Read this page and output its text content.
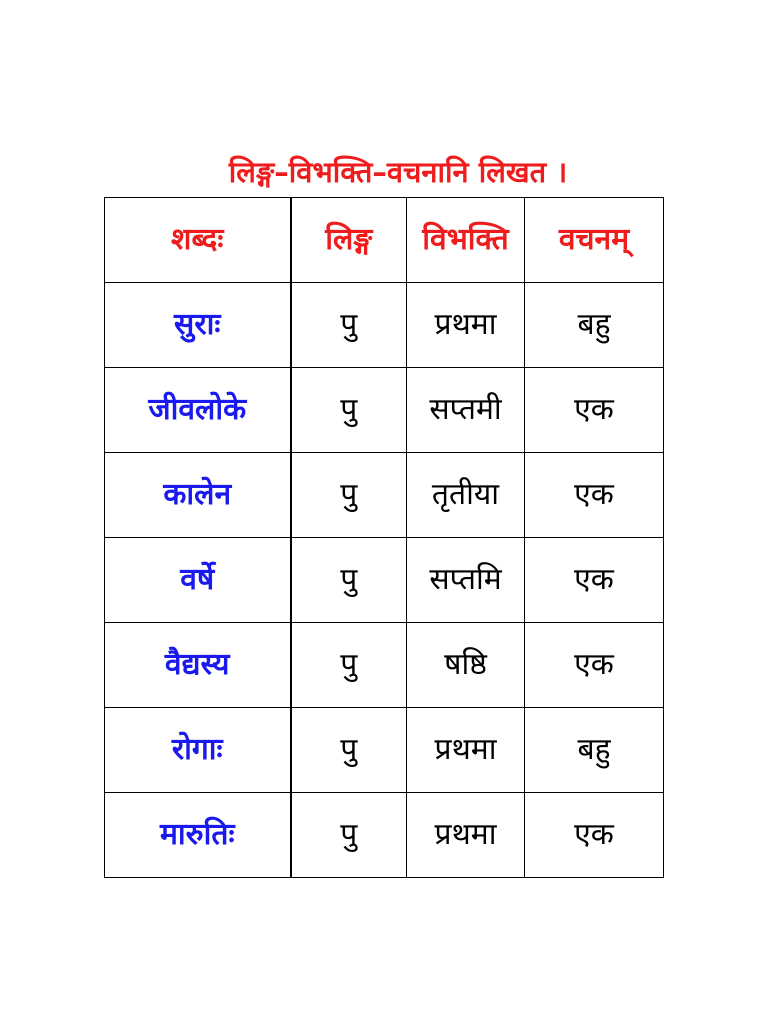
लिङ्ग–विभक्ति–वचनानि लिखत ।
शब्दः	लिङ्ग	विभक्ति	वचनम्
सुराः	पु	प्रथमा	बहु
जीवलोके	पु	सप्तमी	एक
कालेन	पु	तृतीया	एक
वर्षे	पु	सप्तमि	एक
वैद्यस्य	पु	षष्ठि	एक
रोगाः	पु	प्रथमा	बहु
मारुतिः	पु	प्रथमा	एक
